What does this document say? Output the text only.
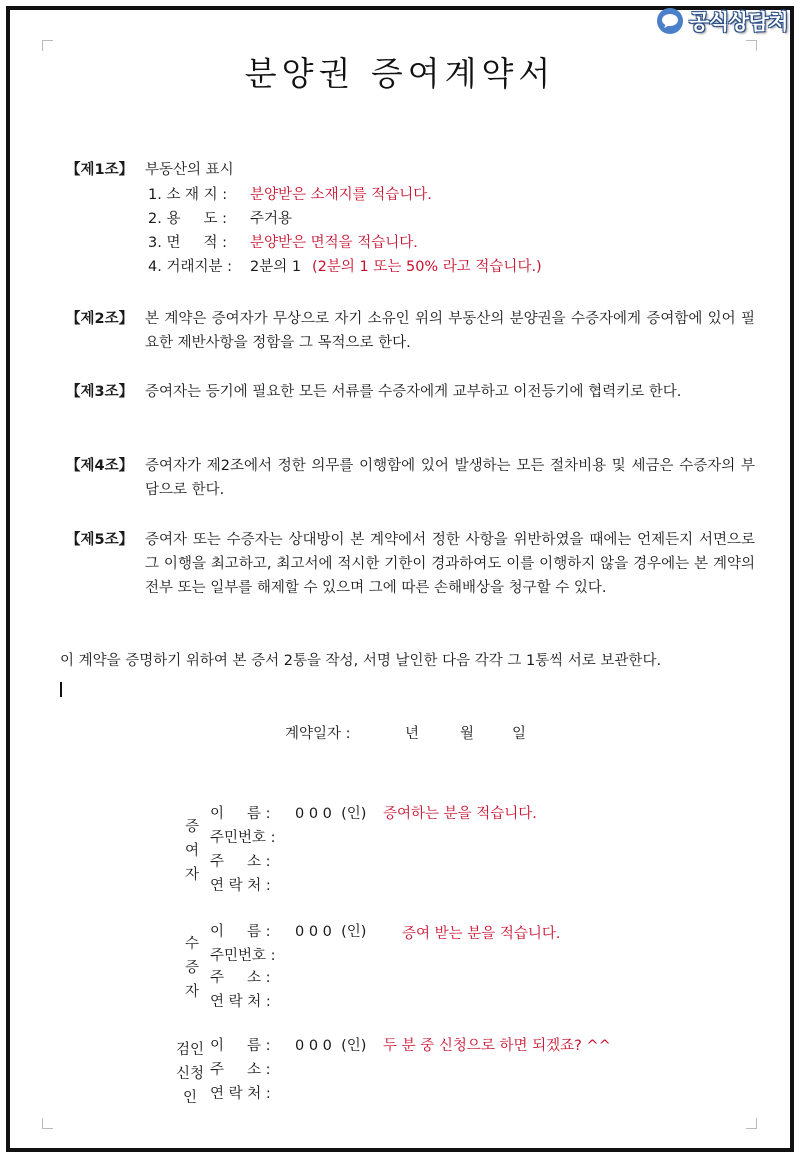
공식상담처
분양권 증여계약서
【제1조】 부동산의 표시
1. 소 재 지 : 분양받은 소재지를 적습니다.
2. 용     도 : 주거용
3. 면     적 : 분양받은 면적을 적습니다.
4. 거래지분 : 2분의 1 (2분의 1 또는 50% 라고 적습니다.)
【제2조】 본 계약은 증여자가 무상으로 자기 소유인 위의 부동산의 분양권을 수증자에게 증여함에 있어 필요한 제반사항을 정함을 그 목적으로 한다.
【제3조】 증여자는 등기에 필요한 모든 서류를 수증자에게 교부하고 이전등기에 협력키로 한다.
【제4조】 증여자가 제2조에서 정한 의무를 이행함에 있어 발생하는 모든 절차비용 및 세금은 수증자의 부담으로 한다.
【제5조】 증여자 또는 수증자는 상대방이 본 계약에서 정한 사항을 위반하였을 때에는 언제든지 서면으로 그 이행을 최고하고, 최고서에 적시한 기한이 경과하여도 이를 이행하지 않을 경우에는 본 계약의 전부 또는 일부를 해제할 수 있으며 그에 따른 손해배상을 청구할 수 있다.
이 계약을 증명하기 위하여 본 증서 2통을 작성, 서명 날인한 다음 각각 그 1통씩 서로 보관한다.
계약일자 :	년	월	일
증
여
자
이     름 : 0 0 0  (인) 증여하는 분을 적습니다.
주민번호 :
주     소 :
연 락 처 :
수
증
자
이     름 : 0 0 0  (인) 증여 받는 분을 적습니다.
주민번호 :
주     소 :
연 락 처 :
검인
신청
인
이     름 : 0 0 0  (인) 두 분 중 신청으로 하면 되겠죠? ^^
주     소 :
연 락 처 :
